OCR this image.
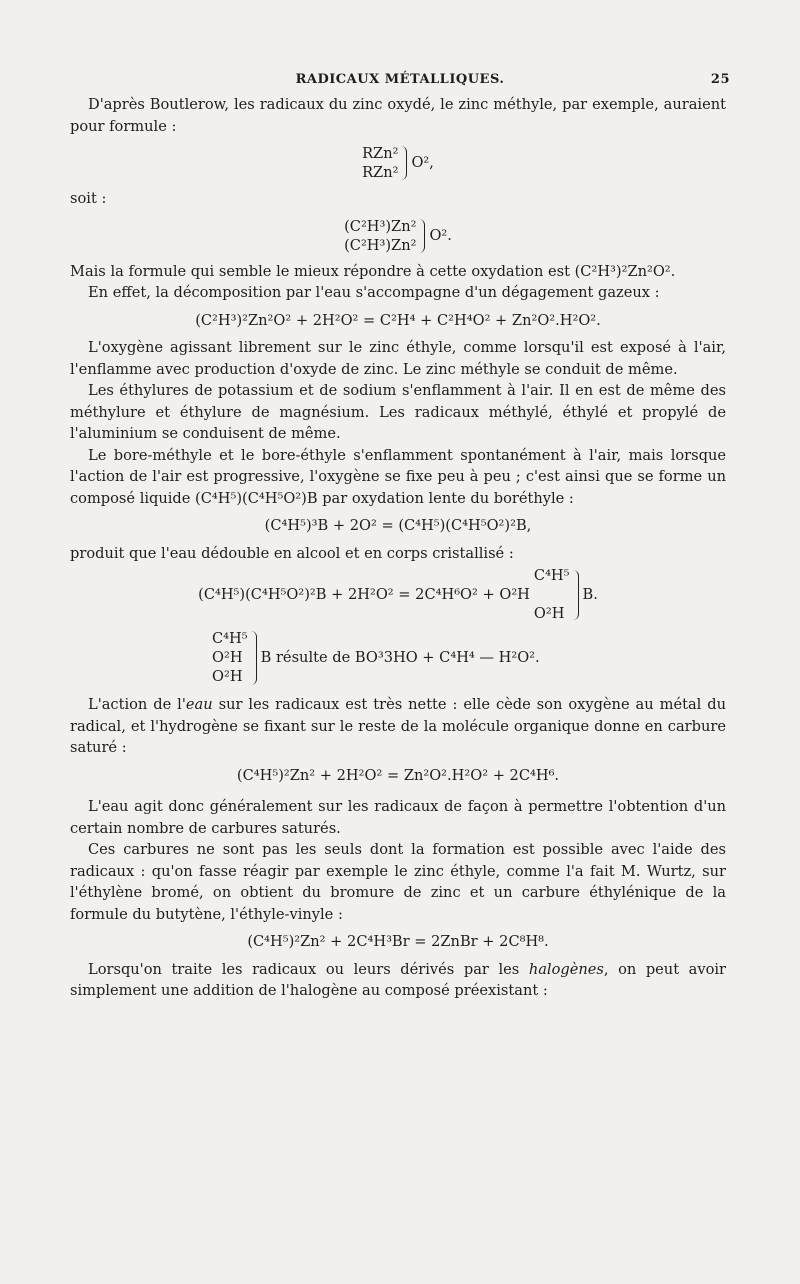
RADICAUX MÉTALLIQUES.	25

D'après Boutlerow, les radicaux du zinc oxydé, le zinc méthyle, par exemple, auraient pour formule :

RZn²
RZn²
O²,

soit :

(C²H³)Zn²
(C²H³)Zn²
O².

Mais la formule qui semble le mieux répondre à cette oxydation est (C²H³)²Zn²O².

En effet, la décomposition par l'eau s'accompagne d'un dégagement gazeux :

(C²H³)²Zn²O² + 2H²O² = C²H⁴ + C²H⁴O² + Zn²O².H²O².

L'oxygène agissant librement sur le zinc éthyle, comme lorsqu'il est exposé à l'air, l'enflamme avec production d'oxyde de zinc. Le zinc méthyle se conduit de même.

Les éthylures de potassium et de sodium s'enflamment à l'air. Il en est de même des méthylure et éthylure de magnésium. Les radicaux méthylé, éthylé et propylé de l'aluminium se conduisent de même.

Le bore-méthyle et le bore-éthyle s'enflamment spontanément à l'air, mais lorsque l'action de l'air est progressive, l'oxygène se fixe peu à peu ; c'est ainsi que se forme un composé liquide (C⁴H⁵)(C⁴H⁵O²)B par oxydation lente du boréthyle :

(C⁴H⁵)³B + 2O² = (C⁴H⁵)(C⁴H⁵O²)²B,

produit que l'eau dédouble en alcool et en corps cristallisé :

(C⁴H⁵)(C⁴H⁵O²)²B + 2H²O² = 2C⁴H⁶O² + O²H
C⁴H⁵

O²H
B.
C⁴H⁵
O²H
O²H
B résulte de BO³3HO + C⁴H⁴ — H²O².

L'action de l'eau sur les radicaux est très nette : elle cède son oxygène au métal du radical, et l'hydrogène se fixant sur le reste de la molécule organique donne en carbure saturé :

(C⁴H⁵)²Zn² + 2H²O² = Zn²O².H²O² + 2C⁴H⁶.

L'eau agit donc généralement sur les radicaux de façon à permettre l'obtention d'un certain nombre de carbures saturés.

Ces carbures ne sont pas les seuls dont la formation est possible avec l'aide des radicaux : qu'on fasse réagir par exemple le zinc éthyle, comme l'a fait M. Wurtz, sur l'éthylène bromé, on obtient du bromure de zinc et un carbure éthylénique de la formule du butytène, l'éthyle-vinyle :

(C⁴H⁵)²Zn² + 2C⁴H³Br = 2ZnBr + 2C⁸H⁸.

Lorsqu'on traite les radicaux ou leurs dérivés par les halogènes, on peut avoir simplement une addition de l'halogène au composé préexistant :
